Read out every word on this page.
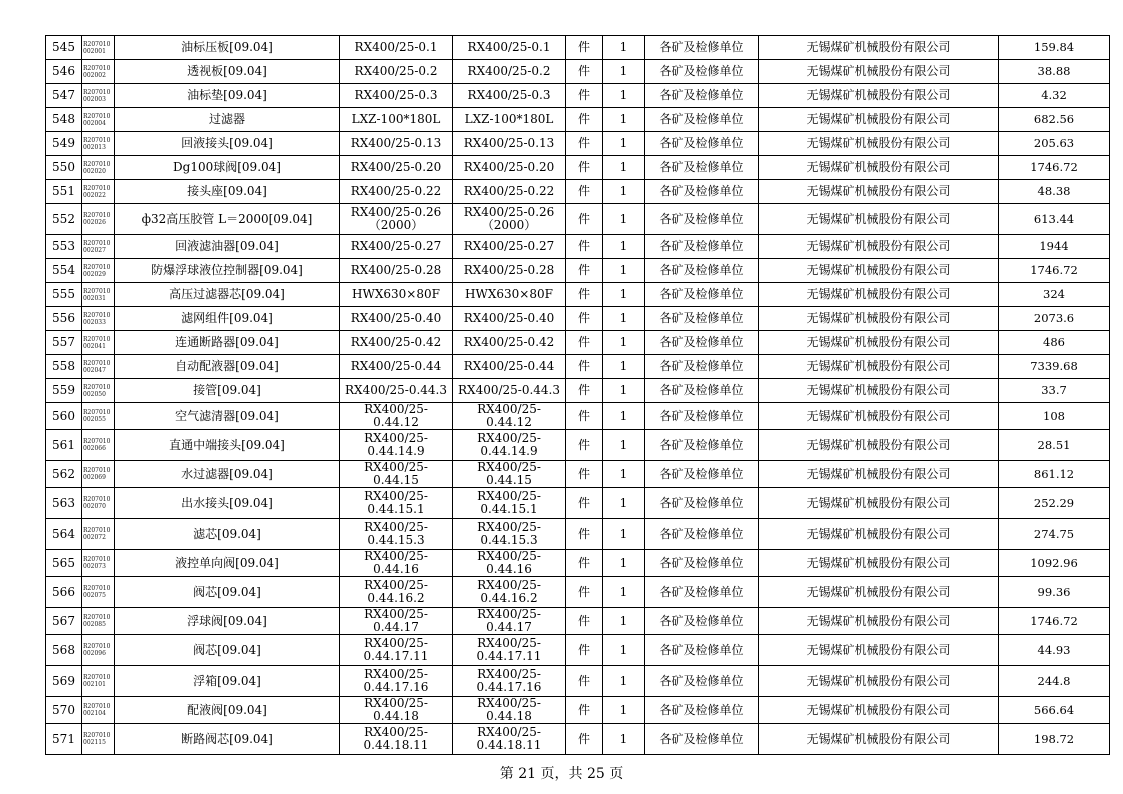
545	R207010 002001	油标压板[09.04]	RX400/25-0.1	RX400/25-0.1	件	1	各矿及检修单位	无锡煤矿机械股份有限公司	159.84
546	R207010 002002	透视板[09.04]	RX400/25-0.2	RX400/25-0.2	件	1	各矿及检修单位	无锡煤矿机械股份有限公司	38.88
547	R207010 002003	油标垫[09.04]	RX400/25-0.3	RX400/25-0.3	件	1	各矿及检修单位	无锡煤矿机械股份有限公司	4.32
548	R207010 002004	过滤器	LXZ-100*180L	LXZ-100*180L	件	1	各矿及检修单位	无锡煤矿机械股份有限公司	682.56
549	R207010 002013	回液接头[09.04]	RX400/25-0.13	RX400/25-0.13	件	1	各矿及检修单位	无锡煤矿机械股份有限公司	205.63
550	R207010 002020	Dg100球阀[09.04]	RX400/25-0.20	RX400/25-0.20	件	1	各矿及检修单位	无锡煤矿机械股份有限公司	1746.72
551	R207010 002022	接头座[09.04]	RX400/25-0.22	RX400/25-0.22	件	1	各矿及检修单位	无锡煤矿机械股份有限公司	48.38
552	R207010 002026	ф32高压胶管 L＝2000[09.04]	RX400/25-0.26 （2000）	RX400/25-0.26 （2000）	件	1	各矿及检修单位	无锡煤矿机械股份有限公司	613.44
553	R207010 002027	回液滤油器[09.04]	RX400/25-0.27	RX400/25-0.27	件	1	各矿及检修单位	无锡煤矿机械股份有限公司	1944
554	R207010 002029	防爆浮球液位控制器[09.04]	RX400/25-0.28	RX400/25-0.28	件	1	各矿及检修单位	无锡煤矿机械股份有限公司	1746.72
555	R207010 002031	高压过滤器芯[09.04]	HWX630×80F	HWX630×80F	件	1	各矿及检修单位	无锡煤矿机械股份有限公司	324
556	R207010 002033	滤网组件[09.04]	RX400/25-0.40	RX400/25-0.40	件	1	各矿及检修单位	无锡煤矿机械股份有限公司	2073.6
557	R207010 002041	连通断路器[09.04]	RX400/25-0.42	RX400/25-0.42	件	1	各矿及检修单位	无锡煤矿机械股份有限公司	486
558	R207010 002047	自动配液器[09.04]	RX400/25-0.44	RX400/25-0.44	件	1	各矿及检修单位	无锡煤矿机械股份有限公司	7339.68
559	R207010 002050	接管[09.04]	RX400/25-0.44.3	RX400/25-0.44.3	件	1	各矿及检修单位	无锡煤矿机械股份有限公司	33.7
560	R207010 002055	空气滤清器[09.04]	RX400/25-0.44.12	RX400/25-0.44.12	件	1	各矿及检修单位	无锡煤矿机械股份有限公司	108
561	R207010 002066	直通中端接头[09.04]	RX400/25- 0.44.14.9	RX400/25- 0.44.14.9	件	1	各矿及检修单位	无锡煤矿机械股份有限公司	28.51
562	R207010 002069	水过滤器[09.04]	RX400/25-0.44.15	RX400/25-0.44.15	件	1	各矿及检修单位	无锡煤矿机械股份有限公司	861.12
563	R207010 002070	出水接头[09.04]	RX400/25- 0.44.15.1	RX400/25- 0.44.15.1	件	1	各矿及检修单位	无锡煤矿机械股份有限公司	252.29
564	R207010 002072	滤芯[09.04]	RX400/25- 0.44.15.3	RX400/25- 0.44.15.3	件	1	各矿及检修单位	无锡煤矿机械股份有限公司	274.75
565	R207010 002073	液控单向阀[09.04]	RX400/25-0.44.16	RX400/25-0.44.16	件	1	各矿及检修单位	无锡煤矿机械股份有限公司	1092.96
566	R207010 002075	阀芯[09.04]	RX400/25- 0.44.16.2	RX400/25- 0.44.16.2	件	1	各矿及检修单位	无锡煤矿机械股份有限公司	99.36
567	R207010 002085	浮球阀[09.04]	RX400/25-0.44.17	RX400/25-0.44.17	件	1	各矿及检修单位	无锡煤矿机械股份有限公司	1746.72
568	R207010 002096	阀芯[09.04]	RX400/25- 0.44.17.11	RX400/25- 0.44.17.11	件	1	各矿及检修单位	无锡煤矿机械股份有限公司	44.93
569	R207010 002101	浮箱[09.04]	RX400/25- 0.44.17.16	RX400/25- 0.44.17.16	件	1	各矿及检修单位	无锡煤矿机械股份有限公司	244.8
570	R207010 002104	配液阀[09.04]	RX400/25-0.44.18	RX400/25-0.44.18	件	1	各矿及检修单位	无锡煤矿机械股份有限公司	566.64
571	R207010 002115	断路阀芯[09.04]	RX400/25- 0.44.18.11	RX400/25- 0.44.18.11	件	1	各矿及检修单位	无锡煤矿机械股份有限公司	198.72
第 21 页，共 25 页
